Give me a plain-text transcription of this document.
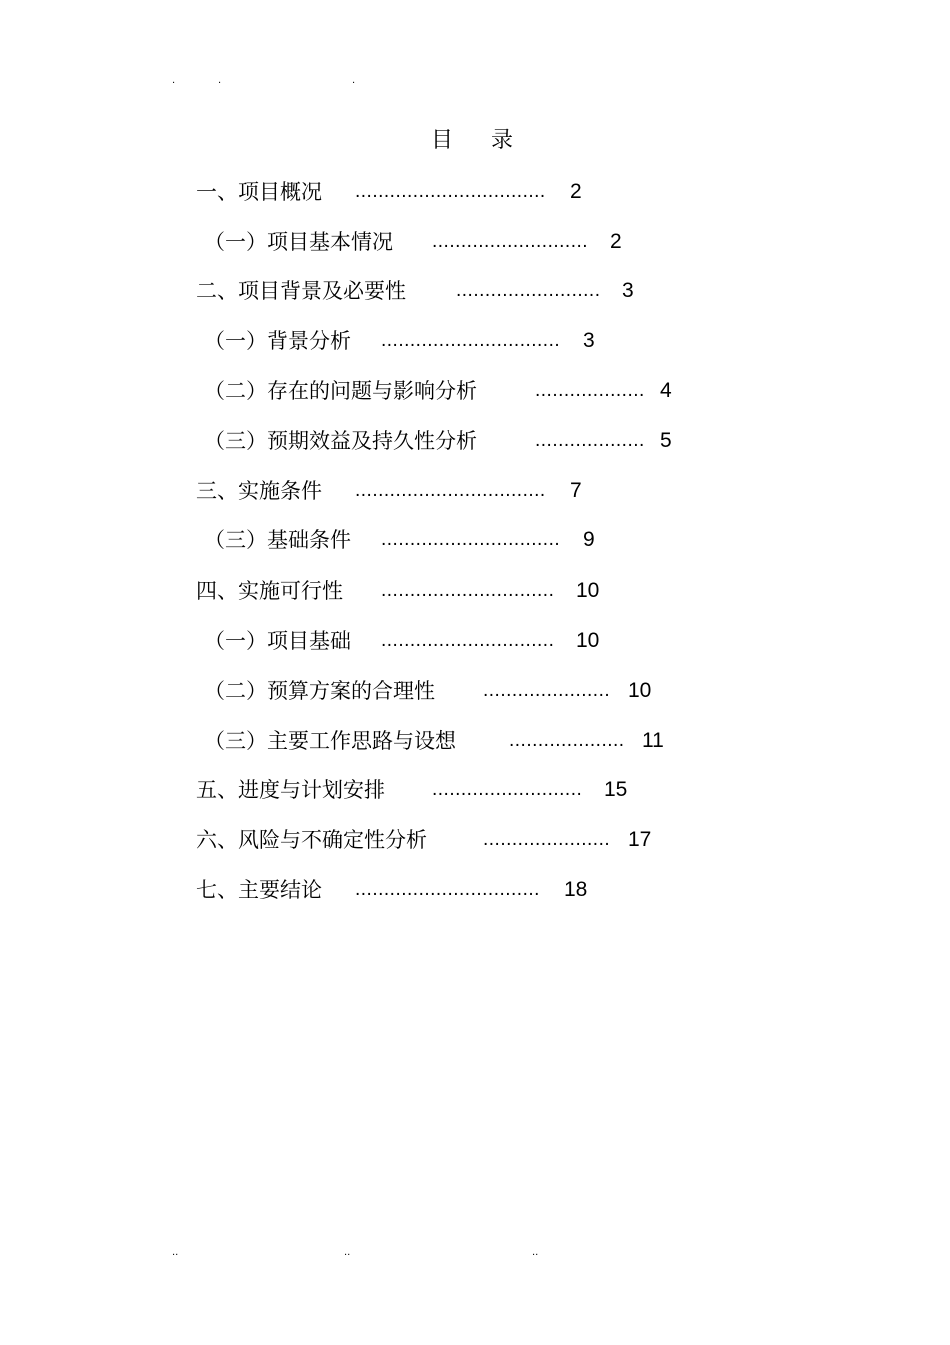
.	.	.
目录
一、项目概况 ................................. 2
（一）项目基本情况 ........................... 2
二、项目背景及必要性	......................... 3
（一）背景分析 ............................... 3
（二）存在的问题与影响分析	................... 4
（三）预期效益及持久性分析	................... 5
三、实施条件 ................................. 7
（三）基础条件 ............................... 9
四、实施可行性 .............................. 10
（一）项目基础 .............................. 10
（二）预算方案的合理性	...................... 10
（三）主要工作思路与设想	.................... 11
五、进度与计划安排 .......................... 15
六、风险与不确定性分析	...................... 17
七、主要结论 ................................ 18
..	..	..
